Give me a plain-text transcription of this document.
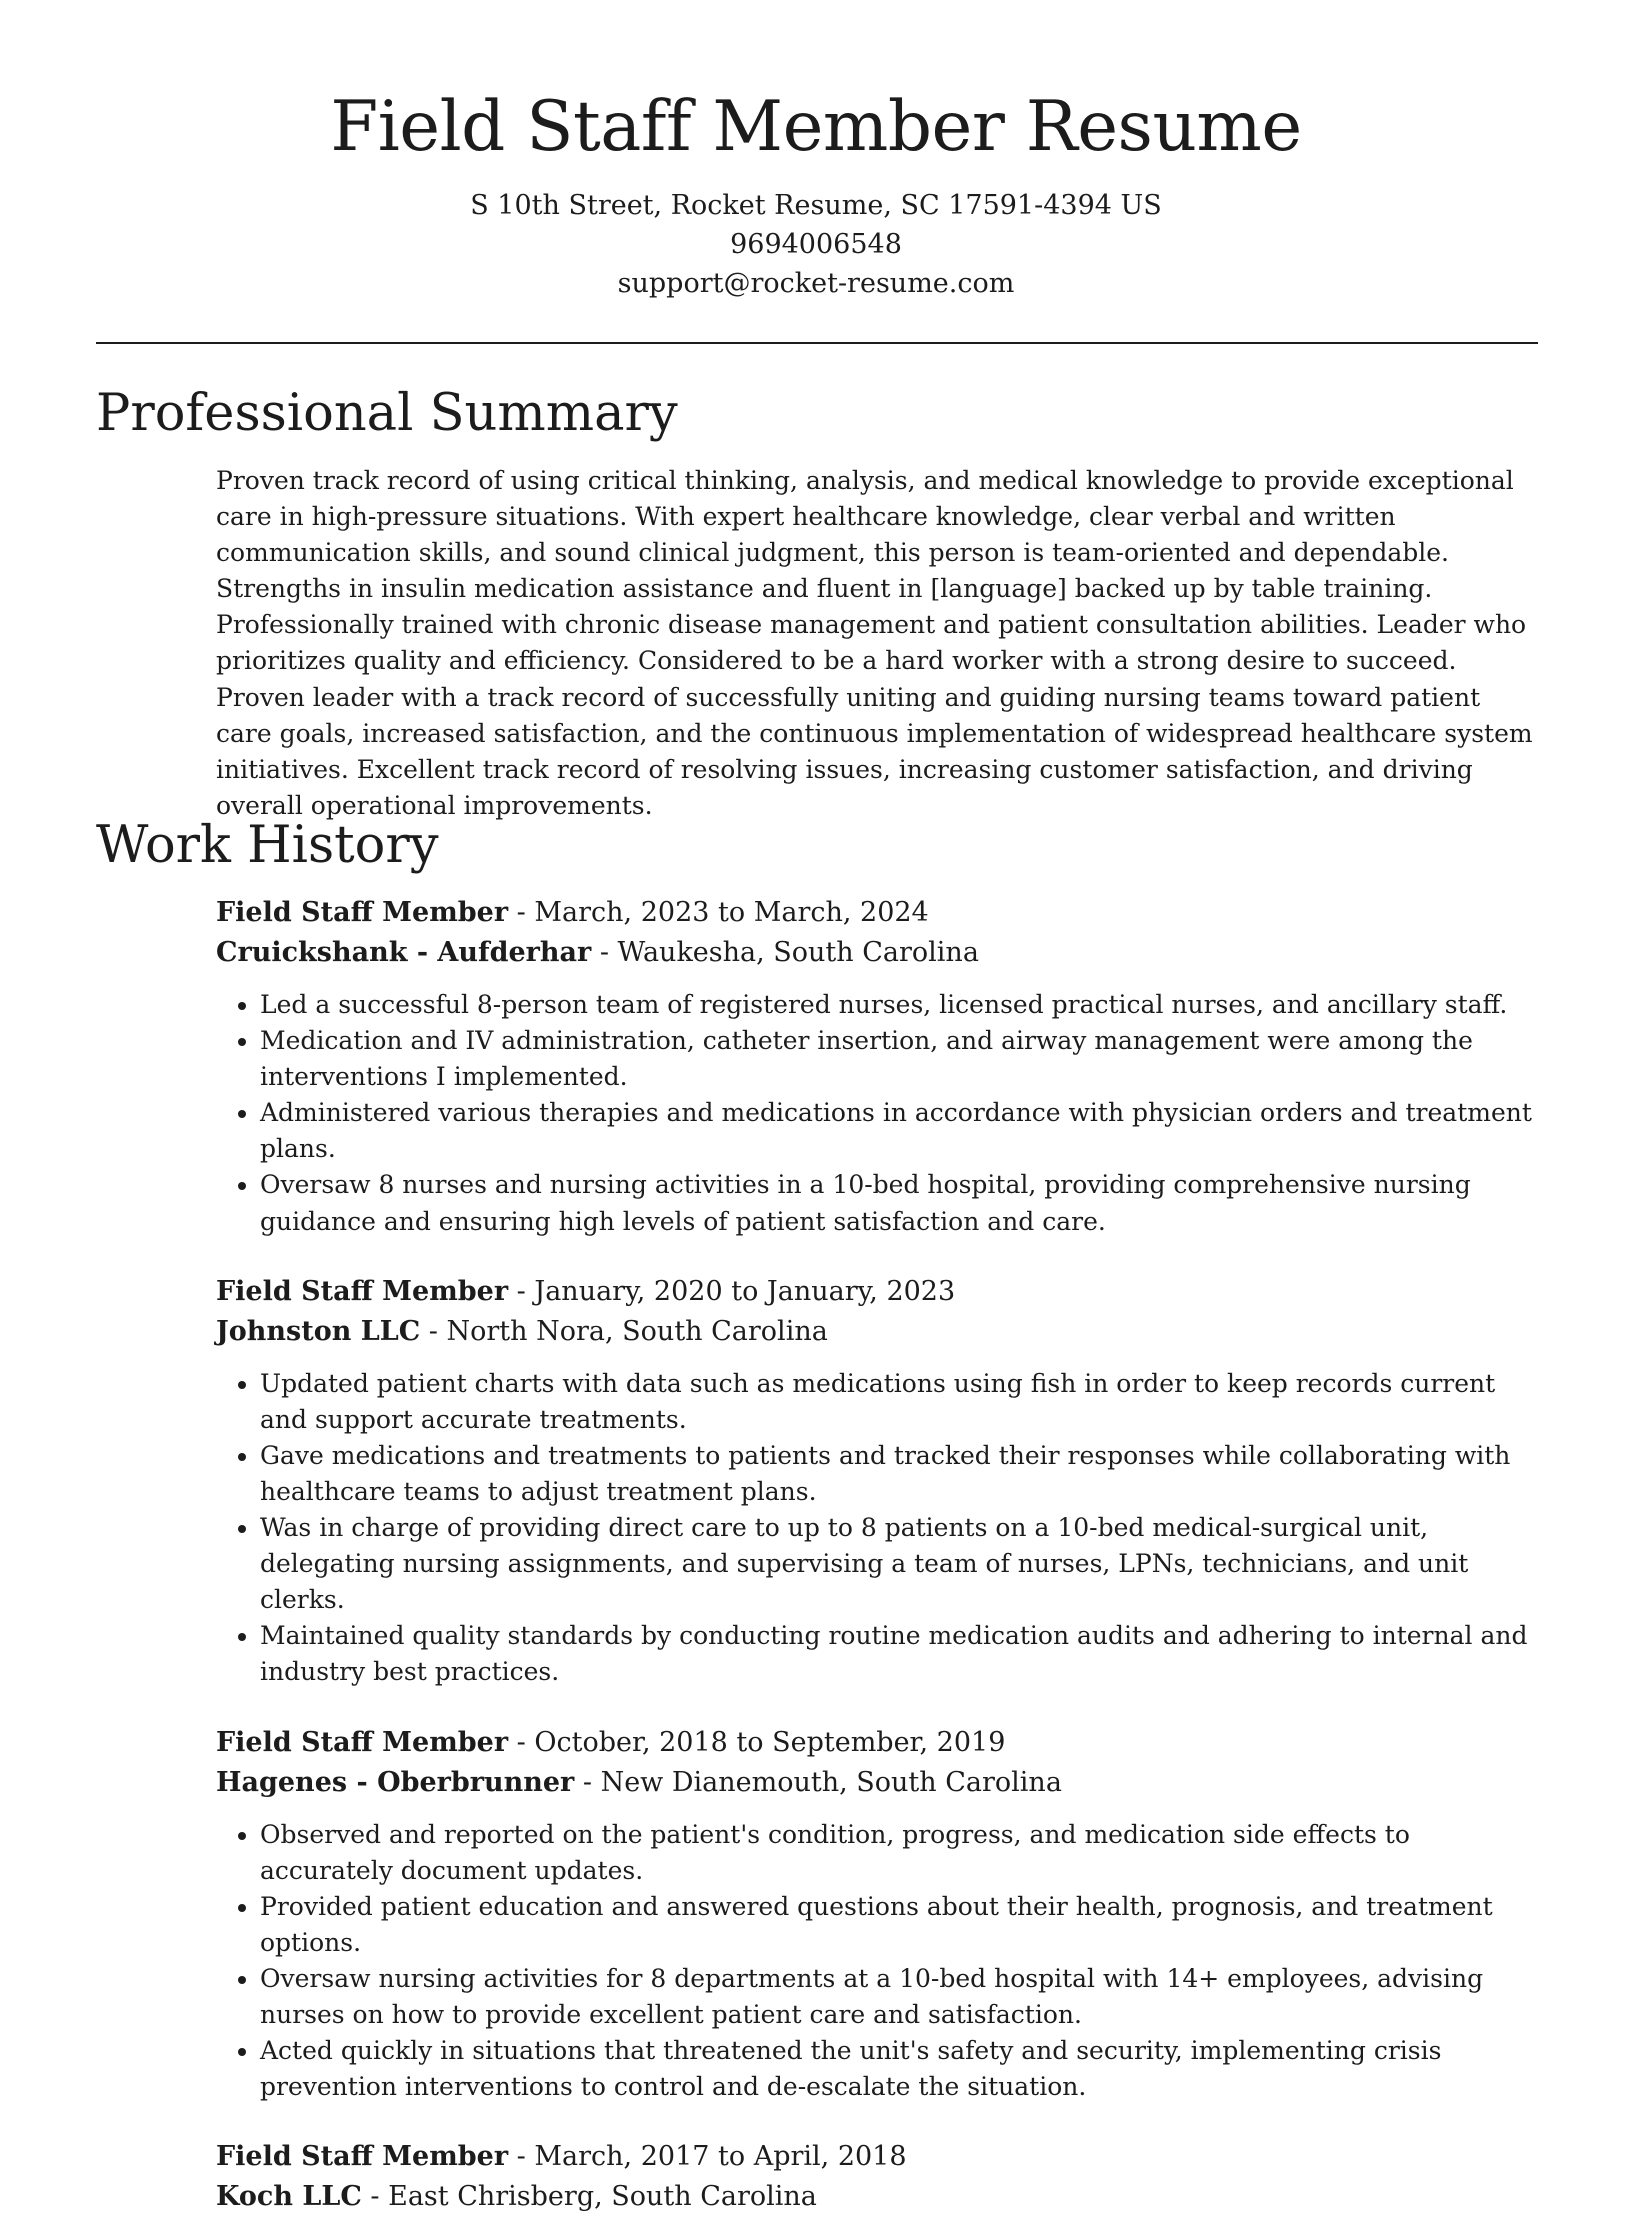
Field Staff Member Resume
S 10th Street, Rocket Resume, SC 17591-4394 US
9694006548
support@rocket-resume.com
Professional Summary

Proven track record of using critical thinking, analysis, and medical knowledge to provide exceptional care in high-pressure situations. With expert healthcare knowledge, clear verbal and written communication skills, and sound clinical judgment, this person is team-oriented and dependable. Strengths in insulin medication assistance and fluent in [language] backed up by table training. Professionally trained with chronic disease management and patient consultation abilities. Leader who prioritizes quality and efficiency. Considered to be a hard worker with a strong desire to succeed. Proven leader with a track record of successfully uniting and guiding nursing teams toward patient care goals, increased satisfaction, and the continuous implementation of widespread healthcare system initiatives. Excellent track record of resolving issues, increasing customer satisfaction, and driving overall operational improvements.

Work History
Field Staff Member - March, 2023 to March, 2024
Cruickshank - Aufderhar - Waukesha, South Carolina
• Led a successful 8-person team of registered nurses, licensed practical nurses, and ancillary staff.
• Medication and IV administration, catheter insertion, and airway management were among the interventions I implemented.
• Administered various therapies and medications in accordance with physician orders and treatment plans.
• Oversaw 8 nurses and nursing activities in a 10-bed hospital, providing comprehensive nursing guidance and ensuring high levels of patient satisfaction and care.
Field Staff Member - January, 2020 to January, 2023
Johnston LLC - North Nora, South Carolina
• Updated patient charts with data such as medications using fish in order to keep records current and support accurate treatments.
• Gave medications and treatments to patients and tracked their responses while collaborating with healthcare teams to adjust treatment plans.
• Was in charge of providing direct care to up to 8 patients on a 10-bed medical-surgical unit, delegating nursing assignments, and supervising a team of nurses, LPNs, technicians, and unit clerks.
• Maintained quality standards by conducting routine medication audits and adhering to internal and industry best practices.
Field Staff Member - October, 2018 to September, 2019
Hagenes - Oberbrunner - New Dianemouth, South Carolina
• Observed and reported on the patient's condition, progress, and medication side effects to accurately document updates.
• Provided patient education and answered questions about their health, prognosis, and treatment options.
• Oversaw nursing activities for 8 departments at a 10-bed hospital with 14+ employees, advising nurses on how to provide excellent patient care and satisfaction.
• Acted quickly in situations that threatened the unit's safety and security, implementing crisis prevention interventions to control and de-escalate the situation.
Field Staff Member - March, 2017 to April, 2018
Koch LLC - East Chrisberg, South Carolina
